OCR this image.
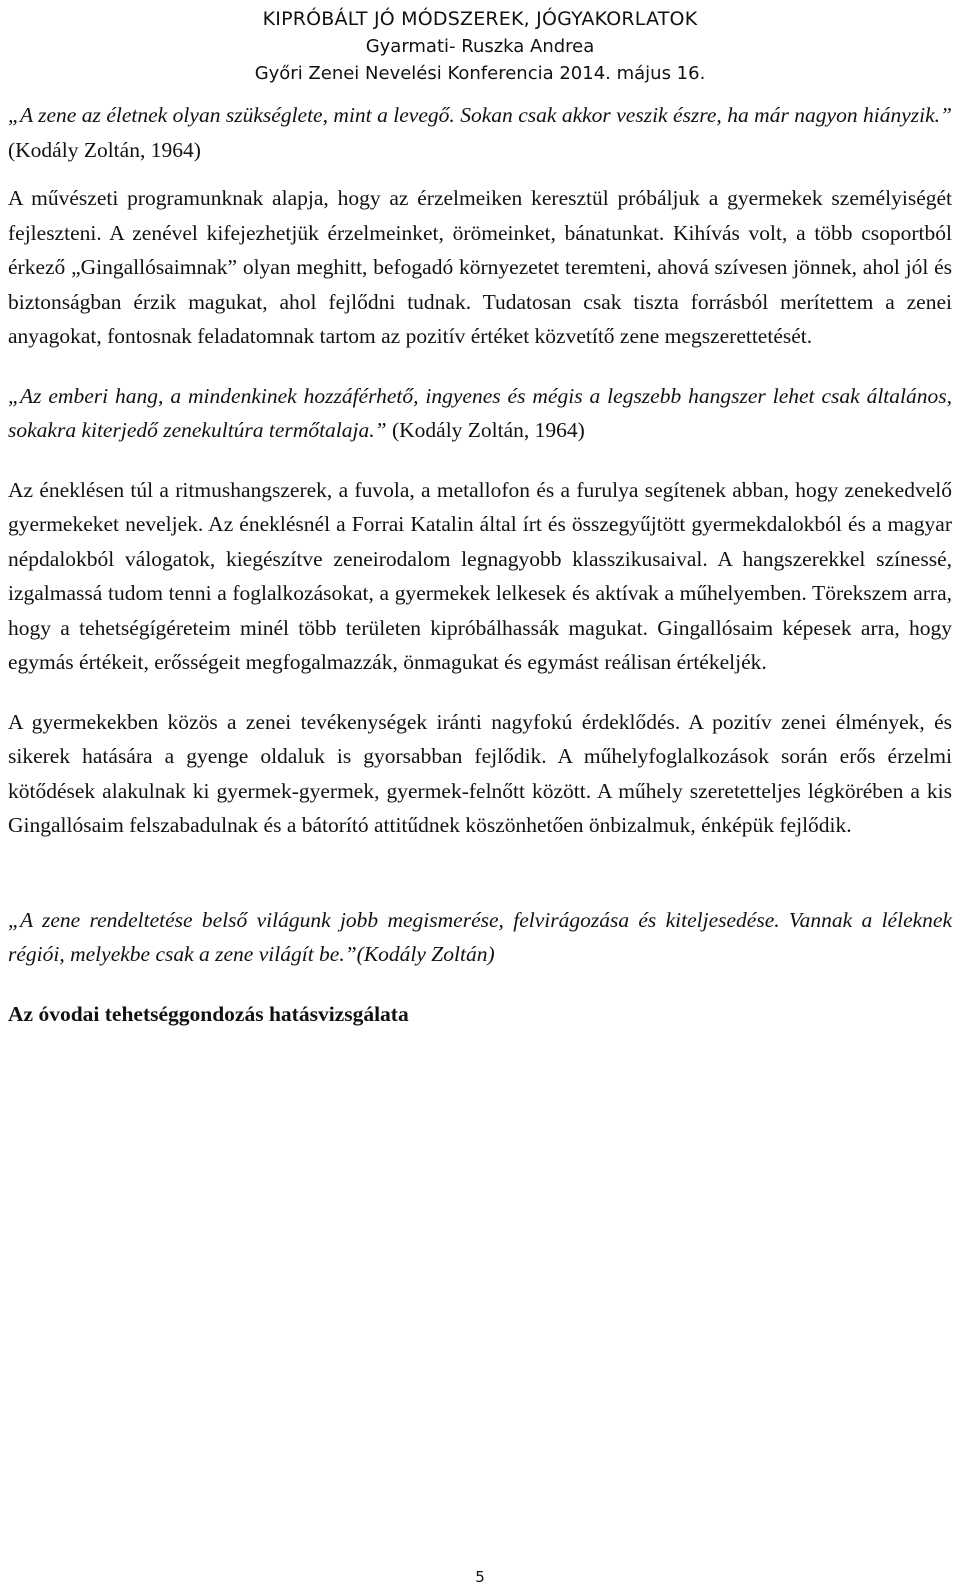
KIPRÓBÁLT JÓ MÓDSZEREK, JÓGYAKORLATOK
Gyarmati- Ruszka Andrea
Győri Zenei Nevelési Konferencia 2014. május 16.

„A zene az életnek olyan szükséglete, mint a levegő. Sokan csak akkor veszik észre, ha már nagyon hiányzik.” (Kodály Zoltán, 1964)

A művészeti programunknak alapja, hogy az érzelmeiken keresztül próbáljuk a gyermekek személyiségét fejleszteni. A zenével kifejezhetjük érzelmeinket, örömeinket, bánatunkat. Kihívás volt, a több csoportból érkező „Gingallósaimnak” olyan meghitt, befogadó környezetet teremteni, ahová szívesen jönnek, ahol jól és biztonságban érzik magukat, ahol fejlődni tudnak. Tudatosan csak tiszta forrásból merítettem a zenei anyagokat, fontosnak feladatomnak tartom az pozitív értéket közvetítő zene megszerettetését.

„Az emberi hang, a mindenkinek hozzáférhető, ingyenes és mégis a legszebb hangszer lehet csak általános, sokakra kiterjedő zenekultúra termőtalaja.” (Kodály Zoltán, 1964)

Az éneklésen túl a ritmushangszerek, a fuvola, a metallofon és a furulya segítenek abban, hogy zenekedvelő gyermekeket neveljek. Az éneklésnél a Forrai Katalin által írt és összegyűjtött gyermekdalokból és a magyar népdalokból válogatok, kiegészítve zeneirodalom legnagyobb klasszikusaival. A hangszerekkel színessé, izgalmassá tudom tenni a foglalkozásokat, a gyermekek lelkesek és aktívak a műhelyemben. Törekszem arra, hogy a tehetségígéreteim minél több területen kipróbálhassák magukat. Gingallósaim képesek arra, hogy egymás értékeit, erősségeit megfogalmazzák, önmagukat és egymást reálisan értékeljék.

A gyermekekben közös a zenei tevékenységek iránti nagyfokú érdeklődés. A pozitív zenei élmények, és sikerek hatására a gyenge oldaluk is gyorsabban fejlődik. A műhelyfoglalkozások során erős érzelmi kötődések alakulnak ki gyermek-gyermek, gyermek-felnőtt között. A műhely szeretetteljes légkörében a kis Gingallósaim felszabadulnak és a bátorító attitűdnek köszönhetően önbizalmuk, énképük fejlődik.

„A zene rendeltetése belső világunk jobb megismerése, felvirágozása és kiteljesedése. Vannak a léleknek régiói, melyekbe csak a zene világít be.”(Kodály Zoltán)

Az óvodai tehetséggondozás hatásvizsgálata

5
